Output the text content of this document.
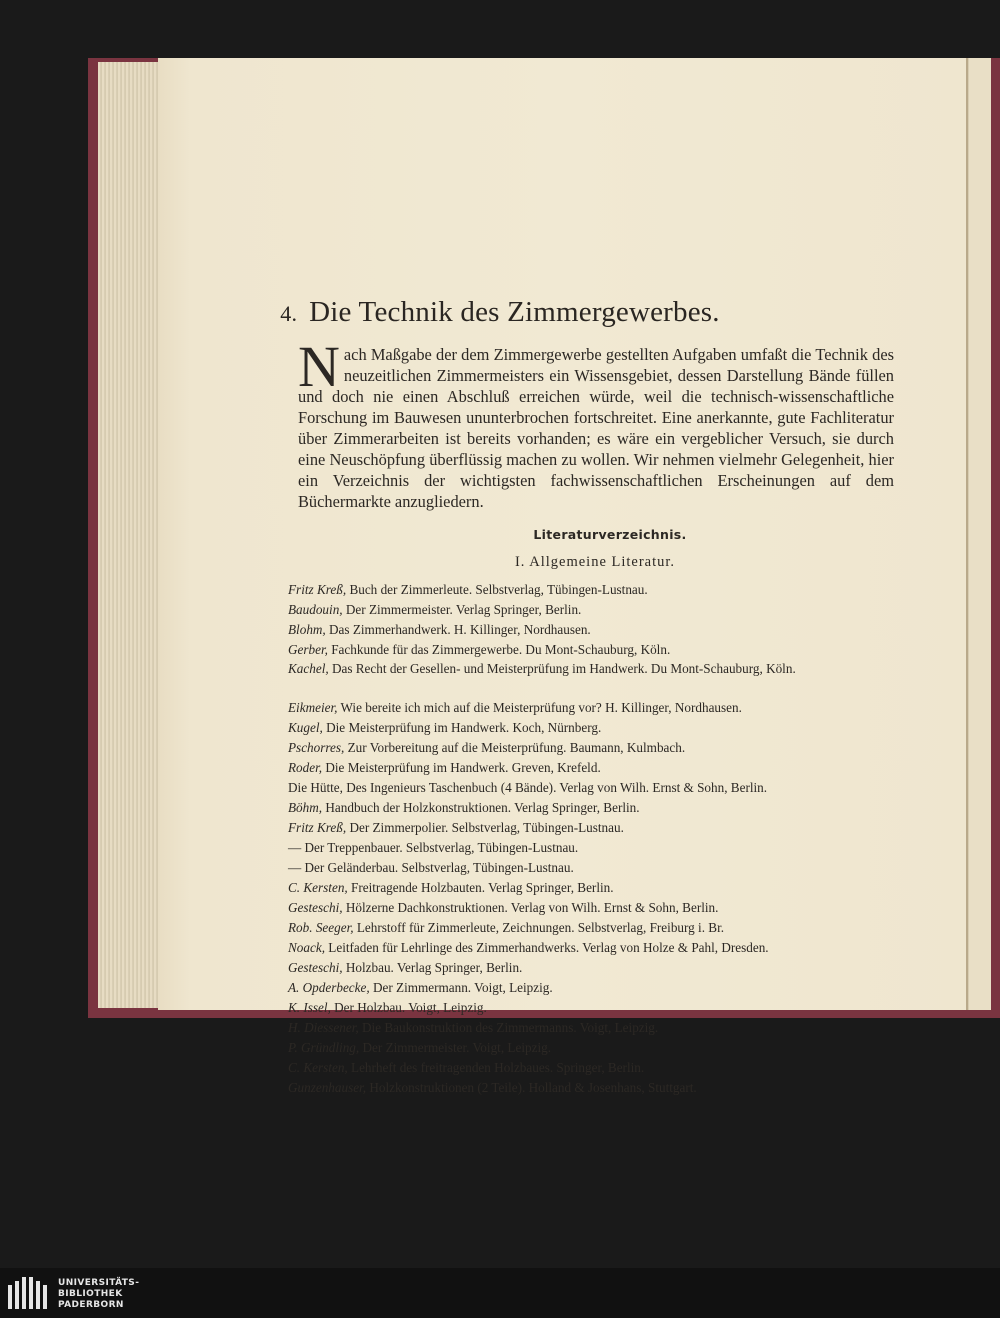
4. Die Technik des Zimmergewerbes.

Nach Maßgabe der dem Zimmergewerbe gestellten Aufgaben umfaßt die Technik des neuzeitlichen Zimmermeisters ein Wissensgebiet, dessen Darstellung Bände füllen und doch nie einen Abschluß erreichen würde, weil die technisch-wissenschaftliche Forschung im Bauwesen ununterbrochen fortschreitet. Eine anerkannte, gute Fachliteratur über Zimmerarbeiten ist bereits vorhanden; es wäre ein vergeblicher Versuch, sie durch eine Neuschöpfung überflüssig machen zu wollen. Wir nehmen vielmehr Gelegenheit, hier ein Verzeichnis der wichtigsten fachwissenschaftlichen Erscheinungen auf dem Büchermarkte anzugliedern.

Literaturverzeichnis.
I. Allgemeine Literatur.
Fritz Kreß, Buch der Zimmerleute. Selbstverlag, Tübingen-Lustnau.
Baudouin, Der Zimmermeister. Verlag Springer, Berlin.
Blohm, Das Zimmerhandwerk. H. Killinger, Nordhausen.
Gerber, Fachkunde für das Zimmergewerbe. Du Mont-Schauburg, Köln.
Kachel, Das Recht der Gesellen- und Meisterprüfung im Handwerk. Du Mont-Schauburg, Köln.
Eikmeier, Wie bereite ich mich auf die Meisterprüfung vor? H. Killinger, Nordhausen.
Kugel, Die Meisterprüfung im Handwerk. Koch, Nürnberg.
Pschorres, Zur Vorbereitung auf die Meisterprüfung. Baumann, Kulmbach.
Roder, Die Meisterprüfung im Handwerk. Greven, Krefeld.
Die Hütte, Des Ingenieurs Taschenbuch (4 Bände). Verlag von Wilh. Ernst & Sohn, Berlin.
Böhm, Handbuch der Holzkonstruktionen. Verlag Springer, Berlin.
Fritz Kreß, Der Zimmerpolier. Selbstverlag, Tübingen-Lustnau.
— Der Treppenbauer. Selbstverlag, Tübingen-Lustnau.
— Der Geländerbau. Selbstverlag, Tübingen-Lustnau.
C. Kersten, Freitragende Holzbauten. Verlag Springer, Berlin.
Gesteschi, Hölzerne Dachkonstruktionen. Verlag von Wilh. Ernst & Sohn, Berlin.
Rob. Seeger, Lehrstoff für Zimmerleute, Zeichnungen. Selbstverlag, Freiburg i. Br.
Noack, Leitfaden für Lehrlinge des Zimmerhandwerks. Verlag von Holze & Pahl, Dresden.
Gesteschi, Holzbau. Verlag Springer, Berlin.
A. Opderbecke, Der Zimmermann. Voigt, Leipzig.
K. Issel, Der Holzbau. Voigt, Leipzig.
H. Diessener, Die Baukonstruktion des Zimmermanns. Voigt, Leipzig.
P. Gründling, Der Zimmermeister. Voigt, Leipzig.
C. Kersten, Lehrheft des freitragenden Holzbaues. Springer, Berlin.
Gunzenhauser, Holzkonstruktionen (2 Teile). Holland & Josenhans, Stuttgart.
UNIVERSITÄTS-
BIBLIOTHEK
PADERBORN
